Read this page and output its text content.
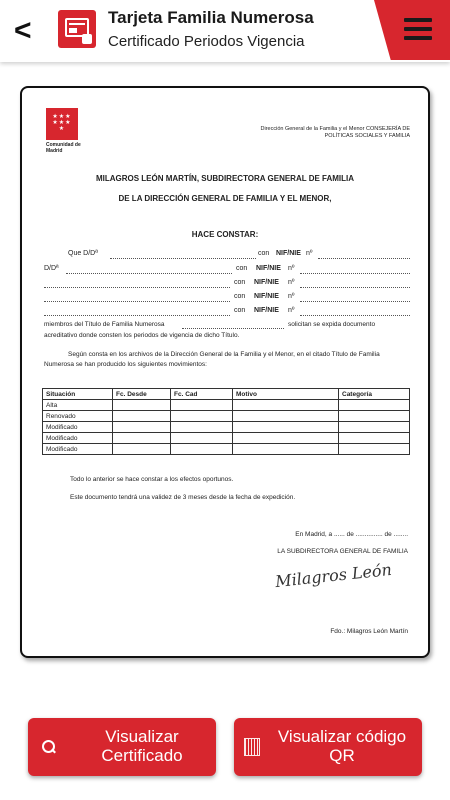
<	Tarjeta Familia Numerosa
Certificado Periodos Vigencia
★★★
★★★
★
Comunidad de Madrid
Dirección General de la Familia y el Menor CONSEJERÍA DE POLÍTICAS SOCIALES Y FAMILIA
MILAGROS LEÓN MARTÍN, SUBDIRECTORA GENERAL DE FAMILIA
DE LA DIRECCIÓN GENERAL DE FAMILIA Y EL MENOR,
HACE CONSTAR:
Que D/Dª	con NIF/NIE nº
D/Dª	con NIF/NIE nº
con NIF/NIE nº
con NIF/NIE nº
con NIF/NIE nº
miembros del Título de Familia Numerosa	solicitan se expida documento
acreditativo donde consten los periodos de vigencia de dicho Título.
Según consta en los archivos de la Dirección General de la Familia y el Menor, en el citado Título de Familia Numerosa se han producido los siguientes movimientos:
Situación	Fc. Desde	Fc. Cad	Motivo	Categoría
Alta				
Renovado				
Modificado				
Modificado				
Modificado				
Todo lo anterior se hace constar a los efectos oportunos.
Este documento tendrá una validez de 3 meses desde la fecha de expedición.
En Madrid, a ...... de ............... de ........
LA SUBDIRECTORA GENERAL DE FAMILIA
Milagros León
Fdo.: Milagros León Martín
Visualizar Certificado
Visualizar código QR
